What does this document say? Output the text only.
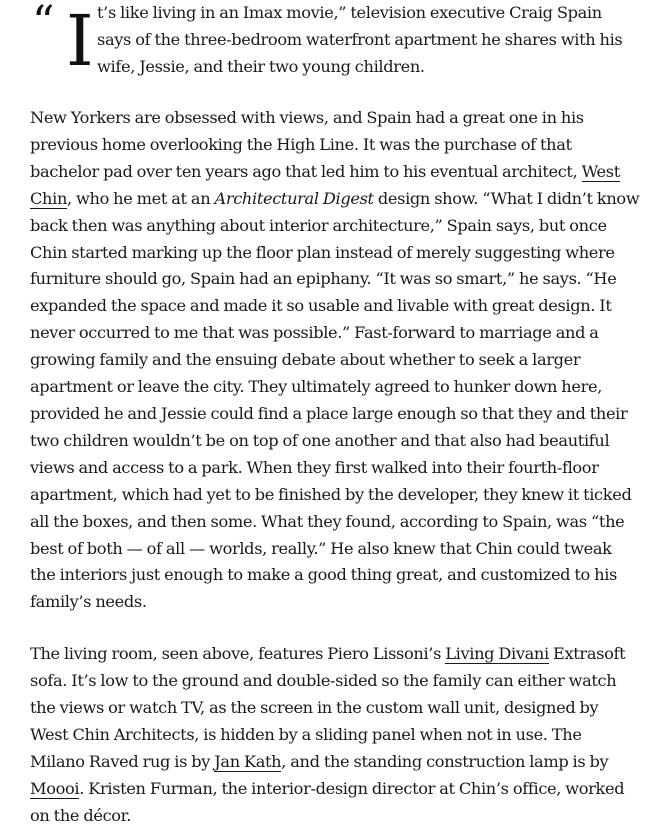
“ I t’s like living in an Imax movie,” television executive Craig Spain says of the three-bedroom waterfront apartment he shares with his wife, Jessie, and their two young children.

New Yorkers are obsessed with views, and Spain had a great one in his previous home overlooking the High Line. It was the purchase of that bachelor pad over ten years ago that led him to his eventual architect, West Chin, who he met at an Architectural Digest design show. “What I didn’t know back then was anything about interior architecture,” Spain says, but once Chin started marking up the floor plan instead of merely suggesting where furniture should go, Spain had an epiphany. “It was so smart,” he says. “He expanded the space and made it so usable and livable with great design. It never occurred to me that was possible.” Fast-forward to marriage and a growing family and the ensuing debate about whether to seek a larger apartment or leave the city. They ultimately agreed to hunker down here, provided he and Jessie could find a place large enough so that they and their two children wouldn’t be on top of one another and that also had beautiful views and access to a park. When they first walked into their fourth-floor apartment, which had yet to be finished by the developer, they knew it ticked all the boxes, and then some. What they found, according to Spain, was “the best of both — of all — worlds, really.” He also knew that Chin could tweak the interiors just enough to make a good thing great, and customized to his family’s needs.

The living room, seen above, features Piero Lissoni’s Living Divani Extrasoft sofa. It’s low to the ground and double-sided so the family can either watch the views or watch TV, as the screen in the custom wall unit, designed by West Chin Architects, is hidden by a sliding panel when not in use. The Milano Raved rug is by Jan Kath, and the standing construction lamp is by Moooi. Kristen Furman, the interior-design director at Chin’s office, worked on the décor.
